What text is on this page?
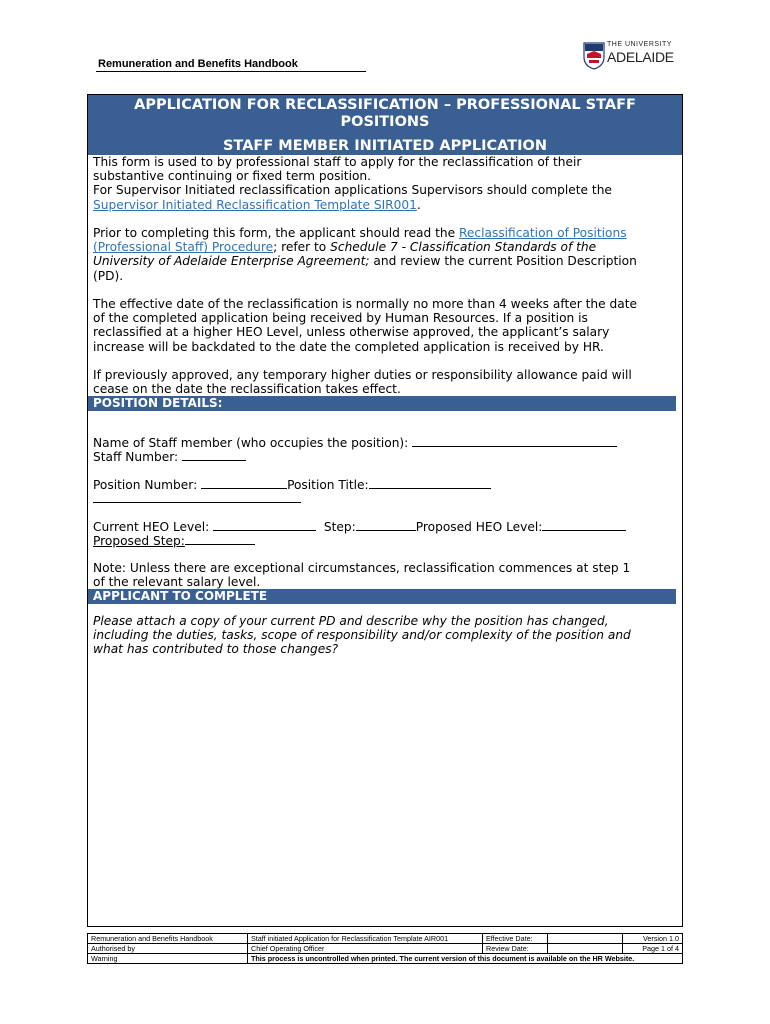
Remuneration and Benefits Handbook
THE UNIVERSITY
ADELAIDE
APPLICATION FOR RECLASSIFICATION – PROFESSIONAL STAFF
POSITIONS
STAFF MEMBER INITIATED APPLICATION
This form is used to by professional staff to apply for the reclassification of their
substantive continuing or fixed term position.
For Supervisor Initiated reclassification applications Supervisors should complete the
Supervisor Initiated Reclassification Template SIR001.
Prior to completing this form, the applicant should read the Reclassification of Positions
(Professional Staff) Procedure; refer to Schedule 7 - Classification Standards of the
University of Adelaide Enterprise Agreement; and review the current Position Description
(PD).
The effective date of the reclassification is normally no more than 4 weeks after the date
of the completed application being received by Human Resources. If a position is
reclassified at a higher HEO Level, unless otherwise approved, the applicant’s salary
increase will be backdated to the date the completed application is received by HR.
If previously approved, any temporary higher duties or responsibility allowance paid will
cease on the date the reclassification takes effect.
POSITION DETAILS:
Name of Staff member (who occupies the position):
Staff Number:
Position Number:	Position Title:
Current HEO Level:	Step:	Proposed HEO Level:
Proposed Step:
Note: Unless there are exceptional circumstances, reclassification commences at step 1
of the relevant salary level.
APPLICANT TO COMPLETE
Please attach a copy of your current PD and describe why the position has changed,
including the duties, tasks, scope of responsibility and/or complexity of the position and
what has contributed to those changes?
Remuneration and Benefits Handbook	Staff initiated Application for Reclassification Template AIR001	Effective Date:		Version 1.0
Authorised by	Chief Operating Officer	Review Date:		Page 1 of 4
Warning	This process is uncontrolled when printed. The current version of this document is available on the HR Website.			
